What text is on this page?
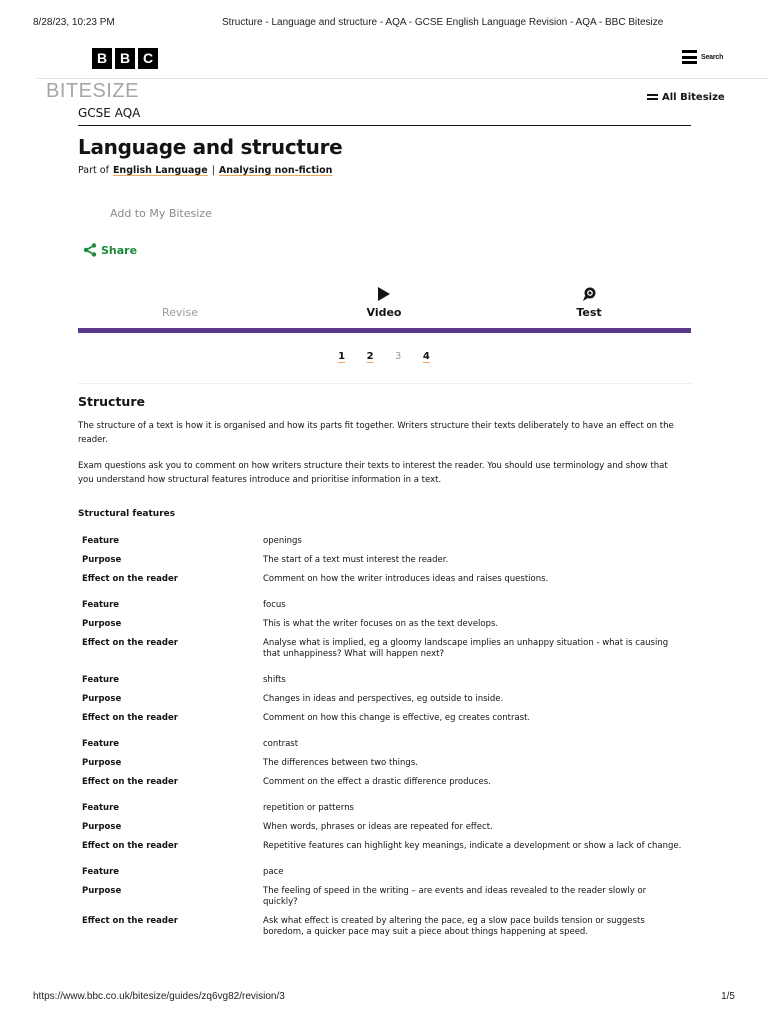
8/28/23, 10:23 PM	Structure - Language and structure - AQA - GCSE English Language Revision - AQA - BBC Bitesize
B B C	Search
BITESIZE	All Bitesize
GCSE AQA
Language and structure
Part of English Language | Analysing non-fiction
Add to My Bitesize
Share
Revise	Video	Test
1 2 3 4
Structure

The structure of a text is how it is organised and how its parts fit together. Writers structure their texts deliberately to have an effect on the reader.

Exam questions ask you to comment on how writers structure their texts to interest the reader. You should use terminology and show that you understand how structural features introduce and prioritise information in a text.

Structural features
Feature	openings
Purpose	The start of a text must interest the reader.
Effect on the reader	Comment on how the writer introduces ideas and raises questions.
Feature	focus
Purpose	This is what the writer focuses on as the text develops.
Effect on the reader	Analyse what is implied, eg a gloomy landscape implies an unhappy situation - what is causing that unhappiness? What will happen next?
Feature	shifts
Purpose	Changes in ideas and perspectives, eg outside to inside.
Effect on the reader	Comment on how this change is effective, eg creates contrast.
Feature	contrast
Purpose	The differences between two things.
Effect on the reader	Comment on the effect a drastic difference produces.
Feature	repetition or patterns
Purpose	When words, phrases or ideas are repeated for effect.
Effect on the reader	Repetitive features can highlight key meanings, indicate a development or show a lack of change.
Feature	pace
Purpose	The feeling of speed in the writing – are events and ideas revealed to the reader slowly or quickly?
Effect on the reader	Ask what effect is created by altering the pace, eg a slow pace builds tension or suggests boredom, a quicker pace may suit a piece about things happening at speed.
https://www.bbc.co.uk/bitesize/guides/zq6vg82/revision/3	1/5
